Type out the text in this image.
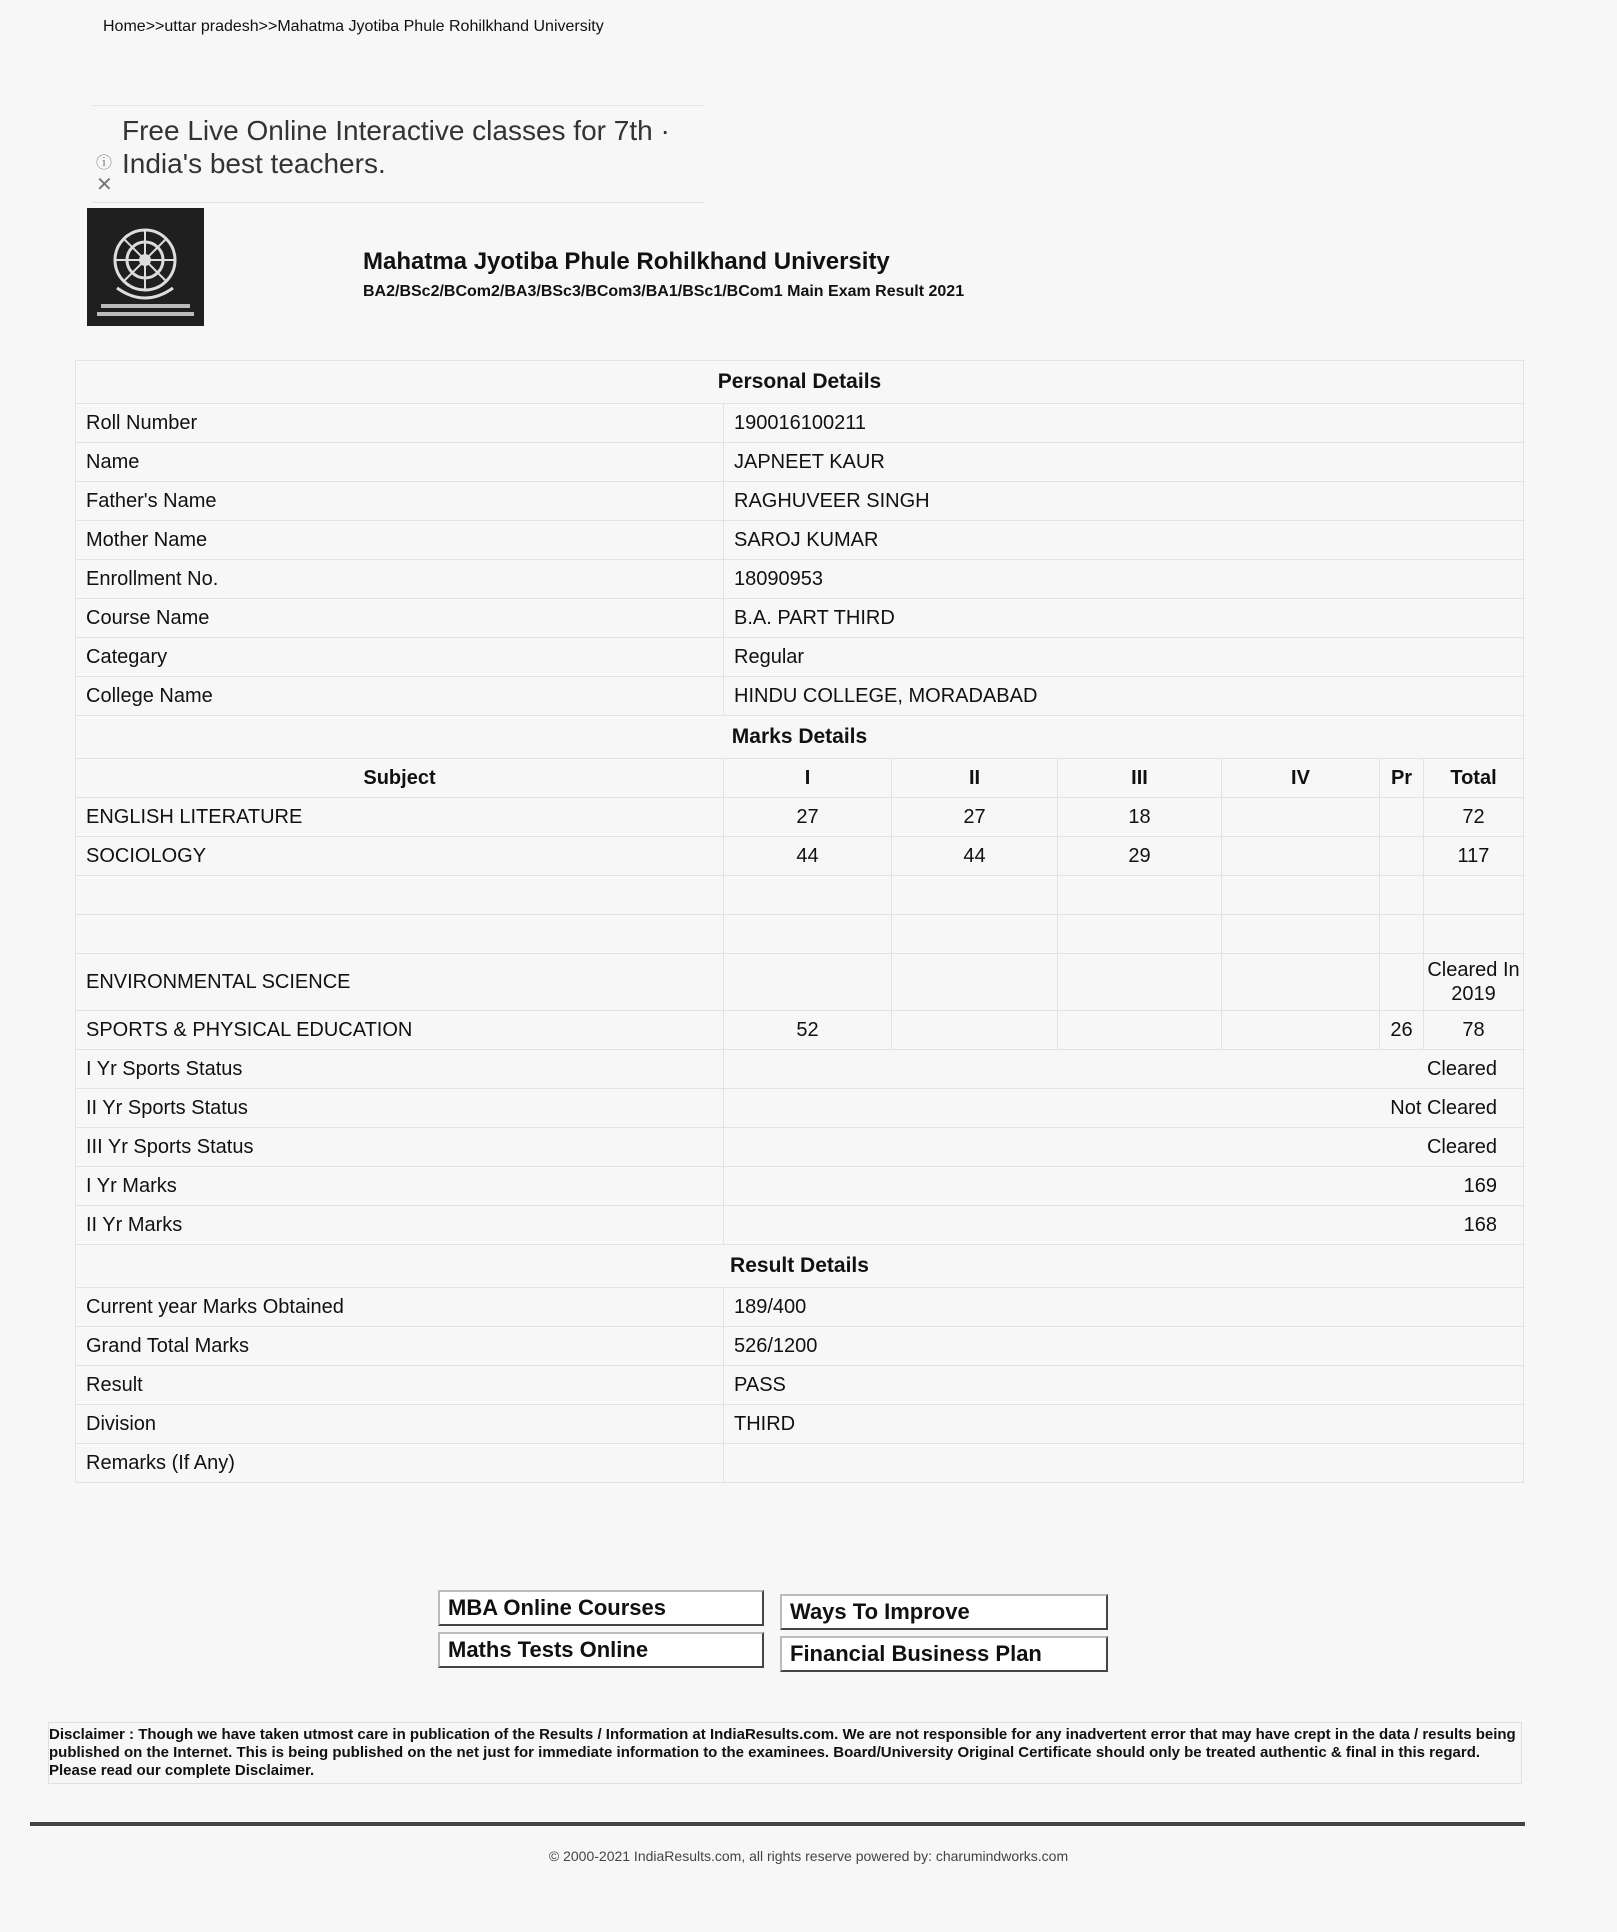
Home>>uttar pradesh>>Mahatma Jyotiba Phule Rohilkhand University
Free Live Online Interactive classes for 7th · India's best teachers.
ⓘ
✕
Mahatma Jyotiba Phule Rohilkhand University
BA2/BSc2/BCom2/BA3/BSc3/BCom3/BA1/BSc1/BCom1 Main Exam Result 2021
Personal Details						
Roll Number	190016100211					
Name	JAPNEET KAUR					
Father's Name	RAGHUVEER SINGH					
Mother Name	SAROJ KUMAR					
Enrollment No.	18090953					
Course Name	B.A. PART THIRD					
Categary	Regular					
College Name	HINDU COLLEGE, MORADABAD					
Marks Details						
Subject	I	II	III	IV	Pr	Total
ENGLISH LITERATURE	27	27	18			72
SOCIOLOGY	44	44	29			117

ENVIRONMENTAL SCIENCE						Cleared In 2019
SPORTS & PHYSICAL EDUCATION	52				26	78
I Yr Sports Status	Cleared					
II Yr Sports Status	Not Cleared					
III Yr Sports Status	Cleared					
I Yr Marks	169					
II Yr Marks	168					
Result Details						
Current year Marks Obtained	189/400					
Grand Total Marks	526/1200					
Result	PASS					
Division	THIRD					
Remarks (If Any)						
MBA Online Courses	Ways To Improve
Maths Tests Online	Financial Business Plan
Disclaimer : Though we have taken utmost care in publication of the Results / Information at IndiaResults.com. We are not responsible for any inadvertent error that may have crept in the data / results being published on the Internet. This is being published on the net just for immediate information to the examinees. Board/University Original Certificate should only be treated authentic & final in this regard. Please read our complete Disclaimer.
© 2000-2021 IndiaResults.com, all rights reserve powered by: charumindworks.com
